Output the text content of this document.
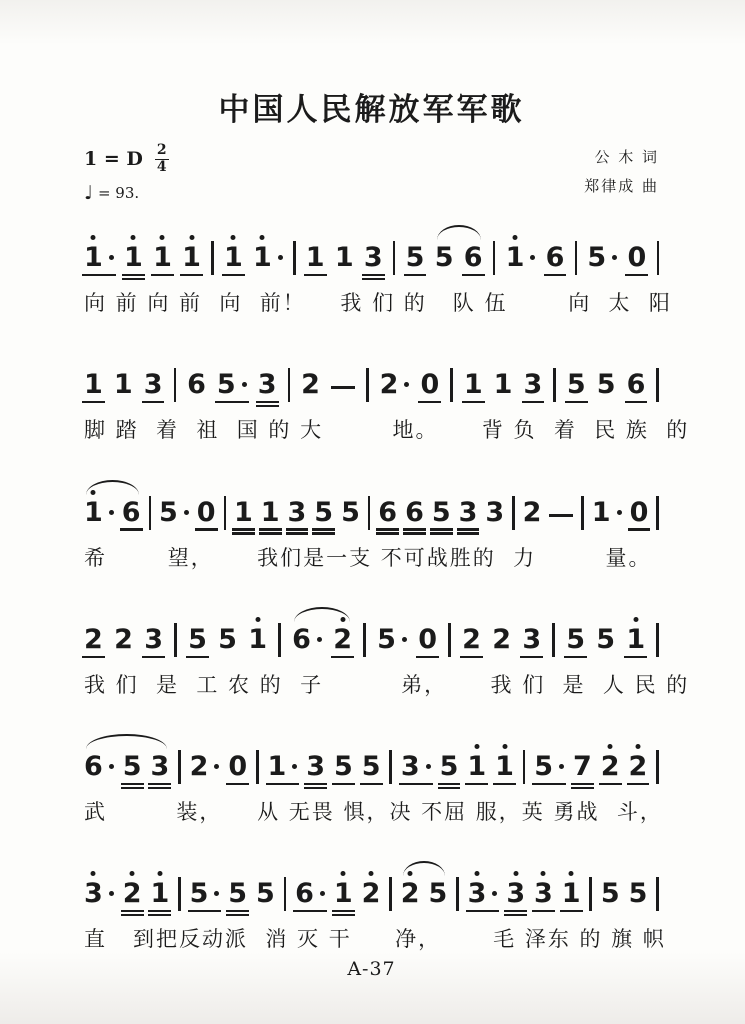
中国人民解放军军歌
1 = D $\frac{2}{4}$
♩ = 93.
公 木 词
郑律成 曲
1 1 1 1 1 1 1 1 3 5 5 6 1 6 5 0
向 前 向 前  向  前！    我 们 的   队 伍       向  太  阳
1 1 3 6 5 3 2 2 0 1 1 3 5 5 6
脚 踏  着  祖  国 的 大        地。     背 负  着  民 族  的
1 6 5 0 1 1 3 5 5 6 6 5 3 3 2 1 0
希       望，     我们是一支 不可战胜的  力        量。
2 2 3 5 5 1 6 2 5 0 2 2 3 5 5 1
我 们  是  工 农 的  子         弟，     我 们  是  人 民 的
6 5 3 2 0 1 3 5 5 3 5 1 1 5 7 2 2
武        装，    从 无畏 惧，决 不屈 服，英 勇战  斗，
3 2 1 5 5 5 6 1 2 2 5 3 3 3 1 5 5
直   到把反动派  消 灭 干     净，      毛 泽东 的 旗 帜
A-37
